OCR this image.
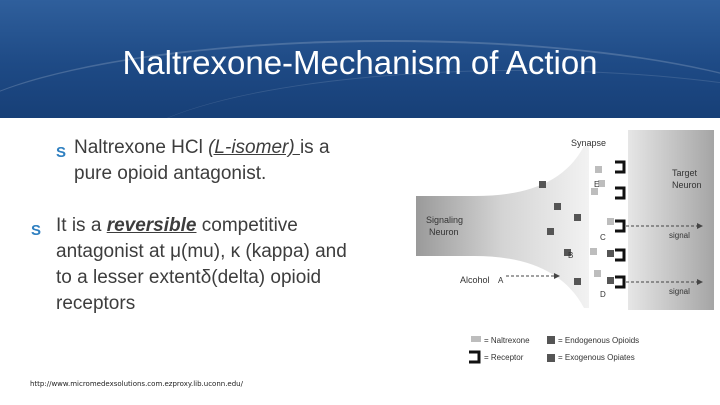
Naltrexone-Mechanism of Action
S Naltrexone HCl (L-isomer) is a
pure opioid antagonist.
S It is a reversible competitive
antagonist at μ(mu), κ (kappa) and
to a lesser extentδ(delta) opioid
receptors
http://www.micromedexsolutions.com.ezproxy.lib.uconn.edu/
Signaling
Neuron
Target
Neuron
Synapse
signal
signal
Alcohol A
B
C
D
E
= Naltrexone	= Endogenous Opioids
= Receptor	= Exogenous Opiates
